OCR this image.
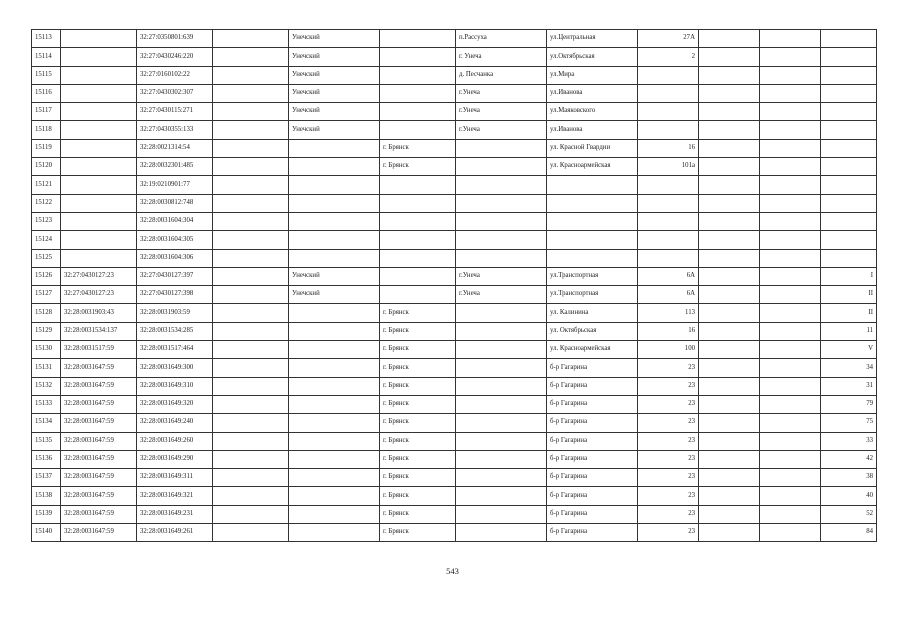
15113		32:27:0350801:639		Унечский		п.Рассуха	ул.Центральная	27А			
15114		32:27:0430246:220		Унечский		г. Унеча	ул.Октябрьская	2			
15115		32:27:0160102:22		Унечский		д. Песчанка	ул.Мира				
15116		32:27:0430302:307		Унечский		г.Унеча	ул.Иванова				
15117		32:27:0430115:271		Унечский		г.Унеча	ул.Маяковского				
15118		32:27:0430355:133		Унечский		г.Унеча	ул.Иванова				
15119		32:28:0021314:54			г. Брянск		ул. Красной Гвардии	16			
15120		32:28:0032301:485			г. Брянск		ул. Красноармейская	101а			
15121		32:19:0210901:77									
15122		32:28:0030812:748									
15123		32:28:0031604:304									
15124		32:28:0031604:305									
15125		32:28:0031604:306									
15126	32:27:0430127:23	32:27:0430127:397		Унечский		г.Унеча	ул.Транспортная	6А			I
15127	32:27:0430127:23	32:27:0430127:398		Унечский		г.Унеча	ул.Транспортная	6А			II
15128	32:28:0031903:43	32:28:0031903:59			г. Брянск		ул. Калинина	113			II
15129	32:28:0031534:137	32:28:0031534:285			г. Брянск		ул. Октябрьская	16			11
15130	32:28:0031517:59	32:28:0031517:464			г. Брянск		ул. Красноармейская	100			V
15131	32:28:0031647:59	32:28:0031649:300			г. Брянск		б-р Гагарина	23			34
15132	32:28:0031647:59	32:28:0031649:310			г. Брянск		б-р Гагарина	23			31
15133	32:28:0031647:59	32:28:0031649:320			г. Брянск		б-р Гагарина	23			79
15134	32:28:0031647:59	32:28:0031649:240			г. Брянск		б-р Гагарина	23			75
15135	32:28:0031647:59	32:28:0031649:260			г. Брянск		б-р Гагарина	23			33
15136	32:28:0031647:59	32:28:0031649:290			г. Брянск		б-р Гагарина	23			42
15137	32:28:0031647:59	32:28:0031649:311			г. Брянск		б-р Гагарина	23			38
15138	32:28:0031647:59	32:28:0031649:321			г. Брянск		б-р Гагарина	23			40
15139	32:28:0031647:59	32:28:0031649:231			г. Брянск		б-р Гагарина	23			52
15140	32:28:0031647:59	32:28:0031649:261			г. Брянск		б-р Гагарина	23			84
543
